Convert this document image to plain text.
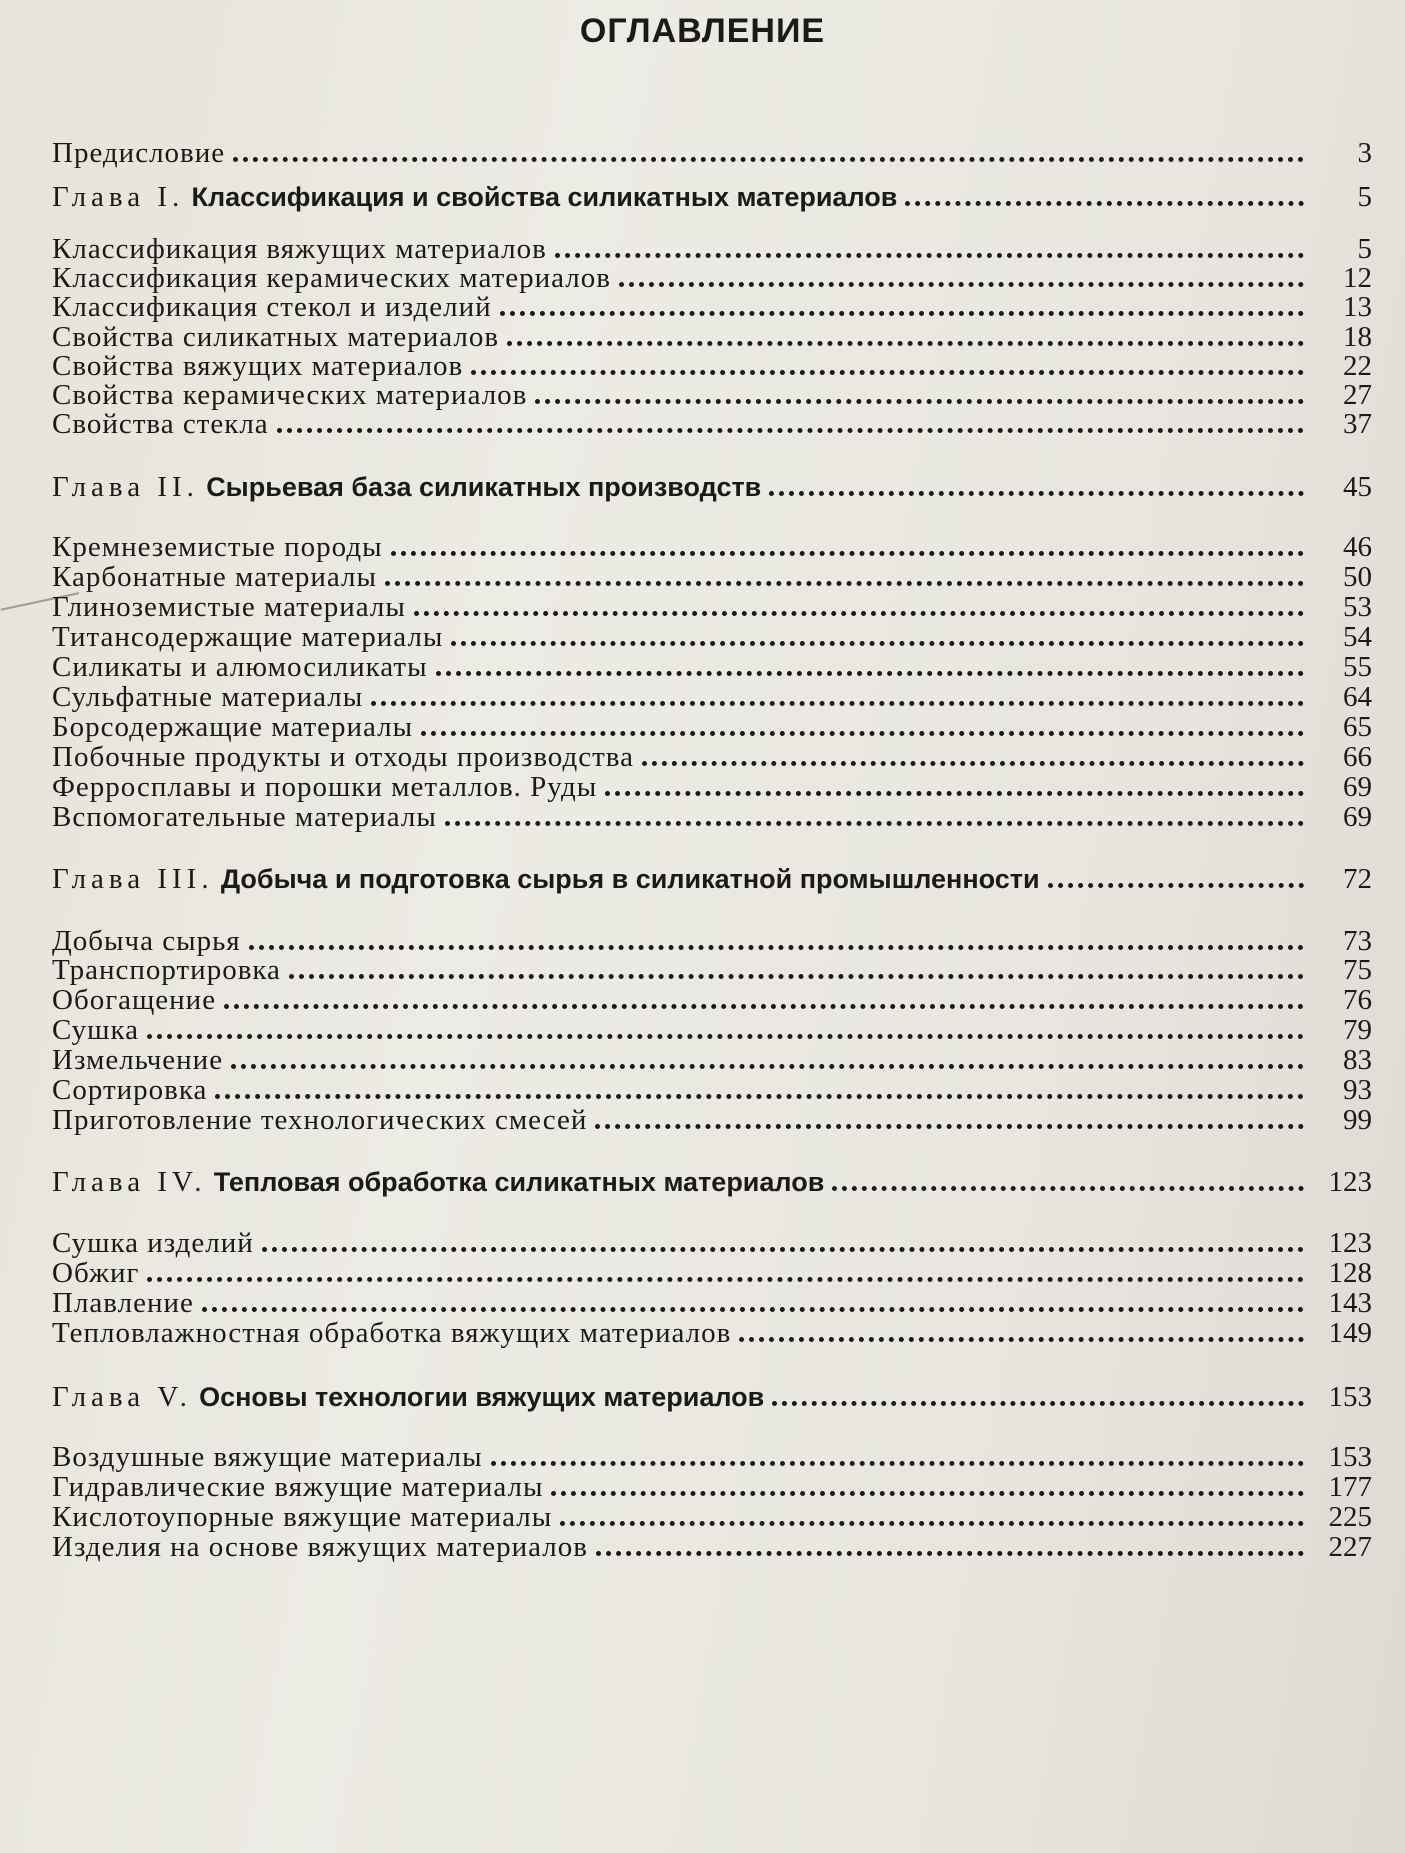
ОГЛАВЛЕНИЕ
Предисловие	3
Глава I. Классификация и свойства силикатных материалов	5
Классификация вяжущих материалов	5
Классификация керамических материалов	12
Классификация стекол и изделий	13
Свойства силикатных материалов	18
Свойства вяжущих материалов	22
Свойства керамических материалов	27
Свойства стекла	37
Глава II. Сырьевая база силикатных производств	45
Кремнеземистые породы	46
Карбонатные материалы	50
Глиноземистые материалы	53
Титансодержащие материалы	54
Силикаты и алюмосиликаты	55
Сульфатные материалы	64
Борсодержащие материалы	65
Побочные продукты и отходы производства	66
Ферросплавы и порошки металлов. Руды	69
Вспомогательные материалы	69
Глава III. Добыча и подготовка сырья в силикатной промышленности	72
Добыча сырья	73
Транспортировка	75
Обогащение	76
Сушка	79
Измельчение	83
Сортировка	93
Приготовление технологических смесей	99
Глава IV. Тепловая обработка силикатных материалов	123
Сушка изделий	123
Обжиг	128
Плавление	143
Тепловлажностная обработка вяжущих материалов	149
Глава V. Основы технологии вяжущих материалов	153
Воздушные вяжущие материалы	153
Гидравлические вяжущие материалы	177
Кислотоупорные вяжущие материалы	225
Изделия на основе вяжущих материалов	227
